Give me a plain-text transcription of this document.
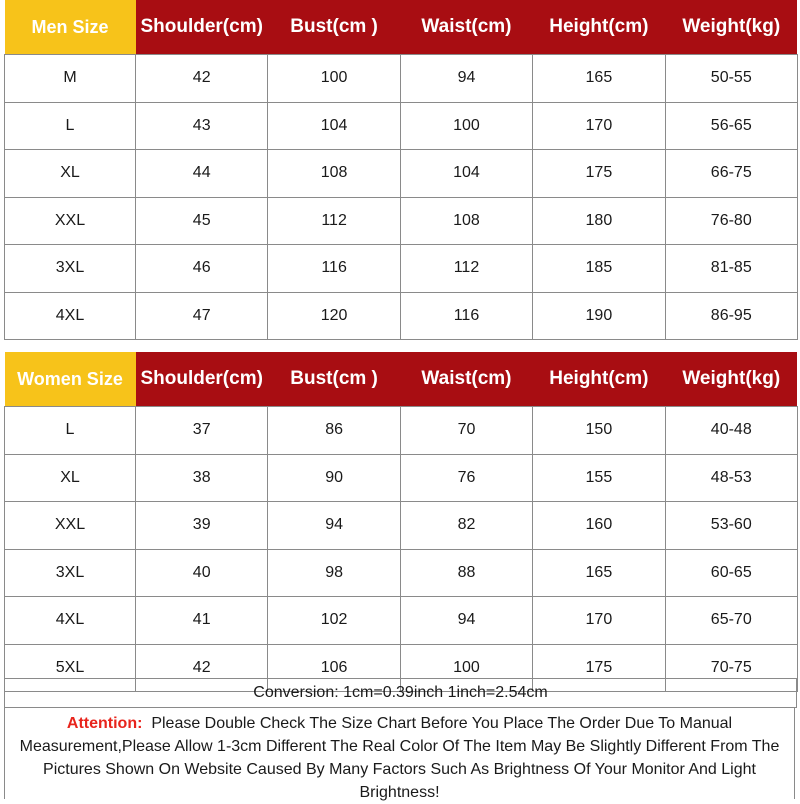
Men Size	Shoulder(cm)	Bust(cm )	Waist(cm)	Height(cm)	Weight(kg)
M	42	100	94	165	50-55
L	43	104	100	170	56-65
XL	44	108	104	175	66-75
XXL	45	112	108	180	76-80
3XL	46	116	112	185	81-85
4XL	47	120	116	190	86-95
Women Size	Shoulder(cm)	Bust(cm )	Waist(cm)	Height(cm)	Weight(kg)
L	37	86	70	150	40-48
XL	38	90	76	155	48-53
XXL	39	94	82	160	53-60
3XL	40	98	88	165	60-65
4XL	41	102	94	170	65-70
5XL	42	106	100	175	70-75
Conversion: 1cm=0.39inch 1inch=2.54cm
Attention: Please Double Check The Size Chart Before You Place The Order Due To Manual Measurement,Please Allow 1-3cm Different The Real Color Of The Item May Be Slightly Different From The Pictures Shown On Website Caused By Many Factors Such As Brightness Of Your Monitor And Light Brightness!
